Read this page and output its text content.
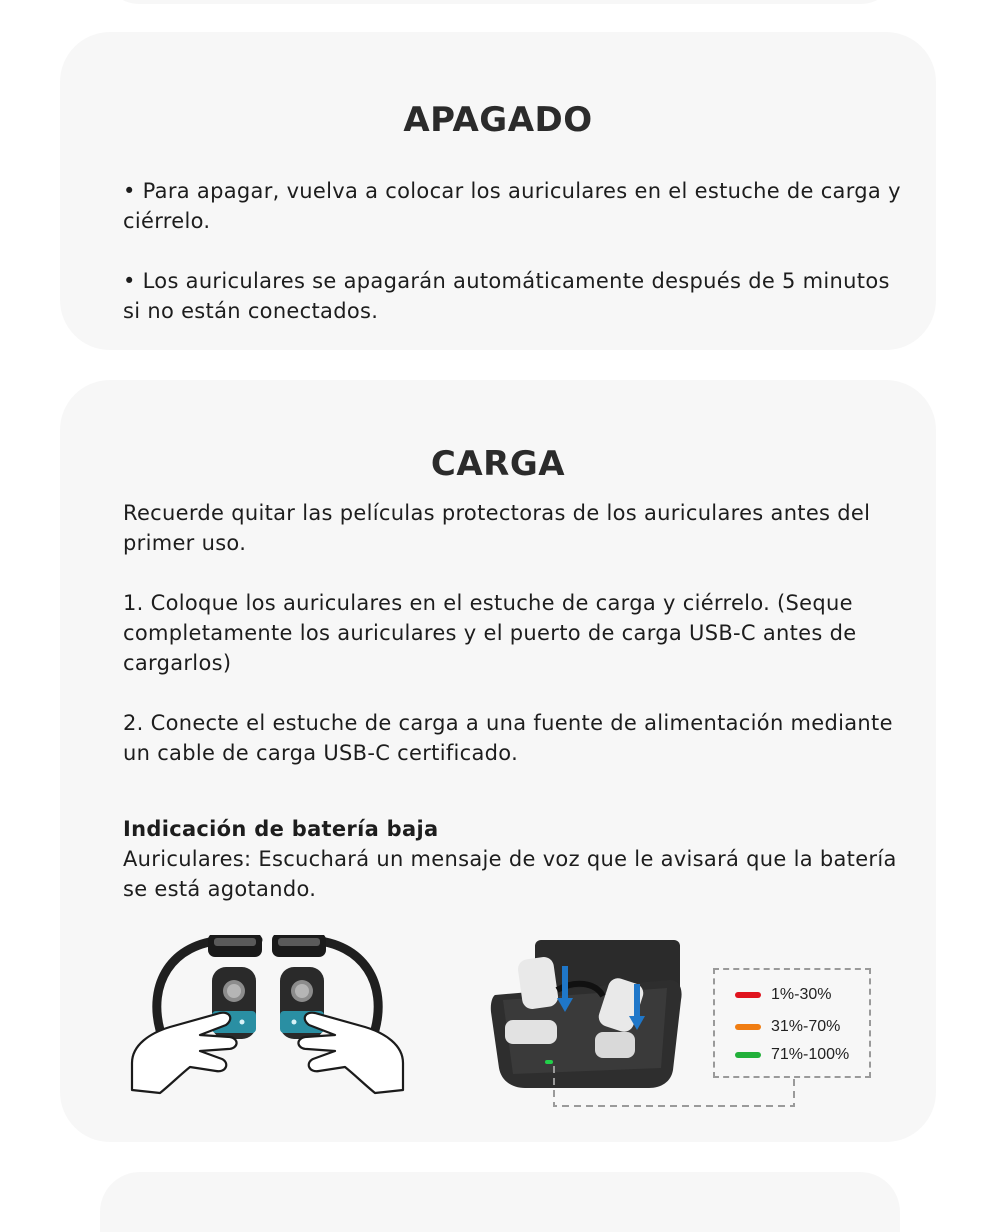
APAGADO

• Para apagar, vuelva a colocar los auriculares en el estuche de carga y ciérrelo.

• Los auriculares se apagarán automáticamente después de 5 minutos si no están conectados.

CARGA

Recuerde quitar las películas protectoras de los auriculares antes del primer uso.

1. Coloque los auriculares en el estuche de carga y ciérrelo. (Seque completamente los auriculares y el puerto de carga USB-C antes de cargarlos)

2. Conecte el estuche de carga a una fuente de alimentación mediante un cable de carga USB-C certificado.

Indicación de batería baja

Auriculares: Escuchará un mensaje de voz que le avisará que la batería se está agotando.

1%-30%
31%-70%
71%-100%
